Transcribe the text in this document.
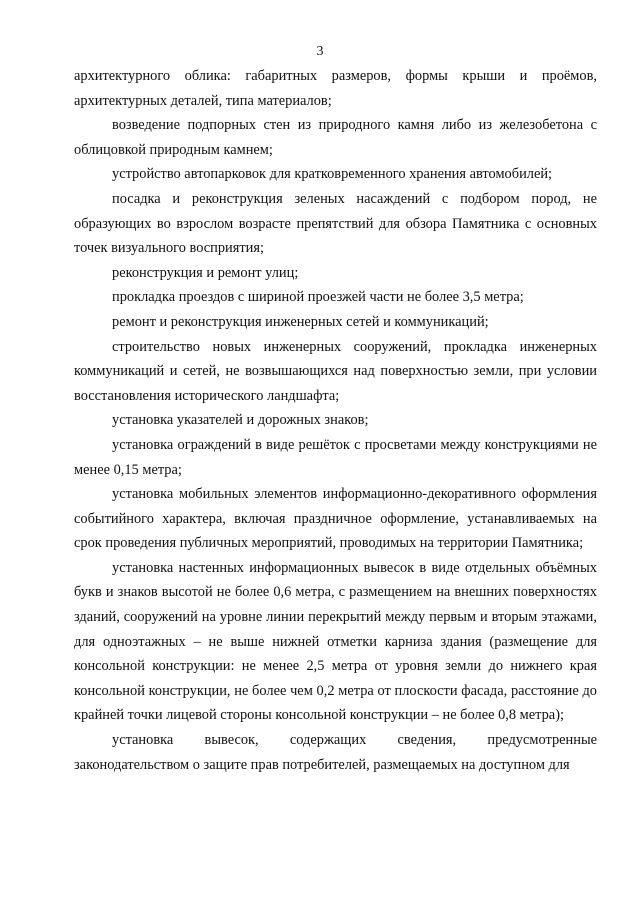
3

архитектурного облика: габаритных размеров, формы крыши и проёмов, архитектурных деталей, типа материалов;

возведение подпорных стен из природного камня либо из железобетона с облицовкой природным камнем;

устройство автопарковок для кратковременного хранения автомобилей;

посадка и реконструкция зеленых насаждений с подбором пород, не образующих во взрослом возрасте препятствий для обзора Памятника с основных точек визуального восприятия;

реконструкция и ремонт улиц;

прокладка проездов с шириной проезжей части не более 3,5 метра;

ремонт и реконструкция инженерных сетей и коммуникаций;

строительство новых инженерных сооружений, прокладка инженерных коммуникаций и сетей, не возвышающихся над поверхностью земли, при условии восстановления исторического ландшафта;

установка указателей и дорожных знаков;

установка ограждений в виде решёток с просветами между конструкциями не менее 0,15 метра;

установка мобильных элементов информационно-декоративного оформления событийного характера, включая праздничное оформление, устанавливаемых на срок проведения публичных мероприятий, проводимых на территории Памятника;

установка настенных информационных вывесок в виде отдельных объёмных букв и знаков высотой не более 0,6 метра, с размещением на внешних поверхностях зданий, сооружений на уровне линии перекрытий между первым и вторым этажами, для одноэтажных – не выше нижней отметки карниза здания (размещение для консольной конструкции: не менее 2,5 метра от уровня земли до нижнего края консольной конструкции, не более чем 0,2 метра от плоскости фасада, расстояние до крайней точки лицевой стороны консольной конструкции – не более 0,8 метра);

установка вывесок, содержащих сведения, предусмотренные законодательством о защите прав потребителей, размещаемых на доступном для
